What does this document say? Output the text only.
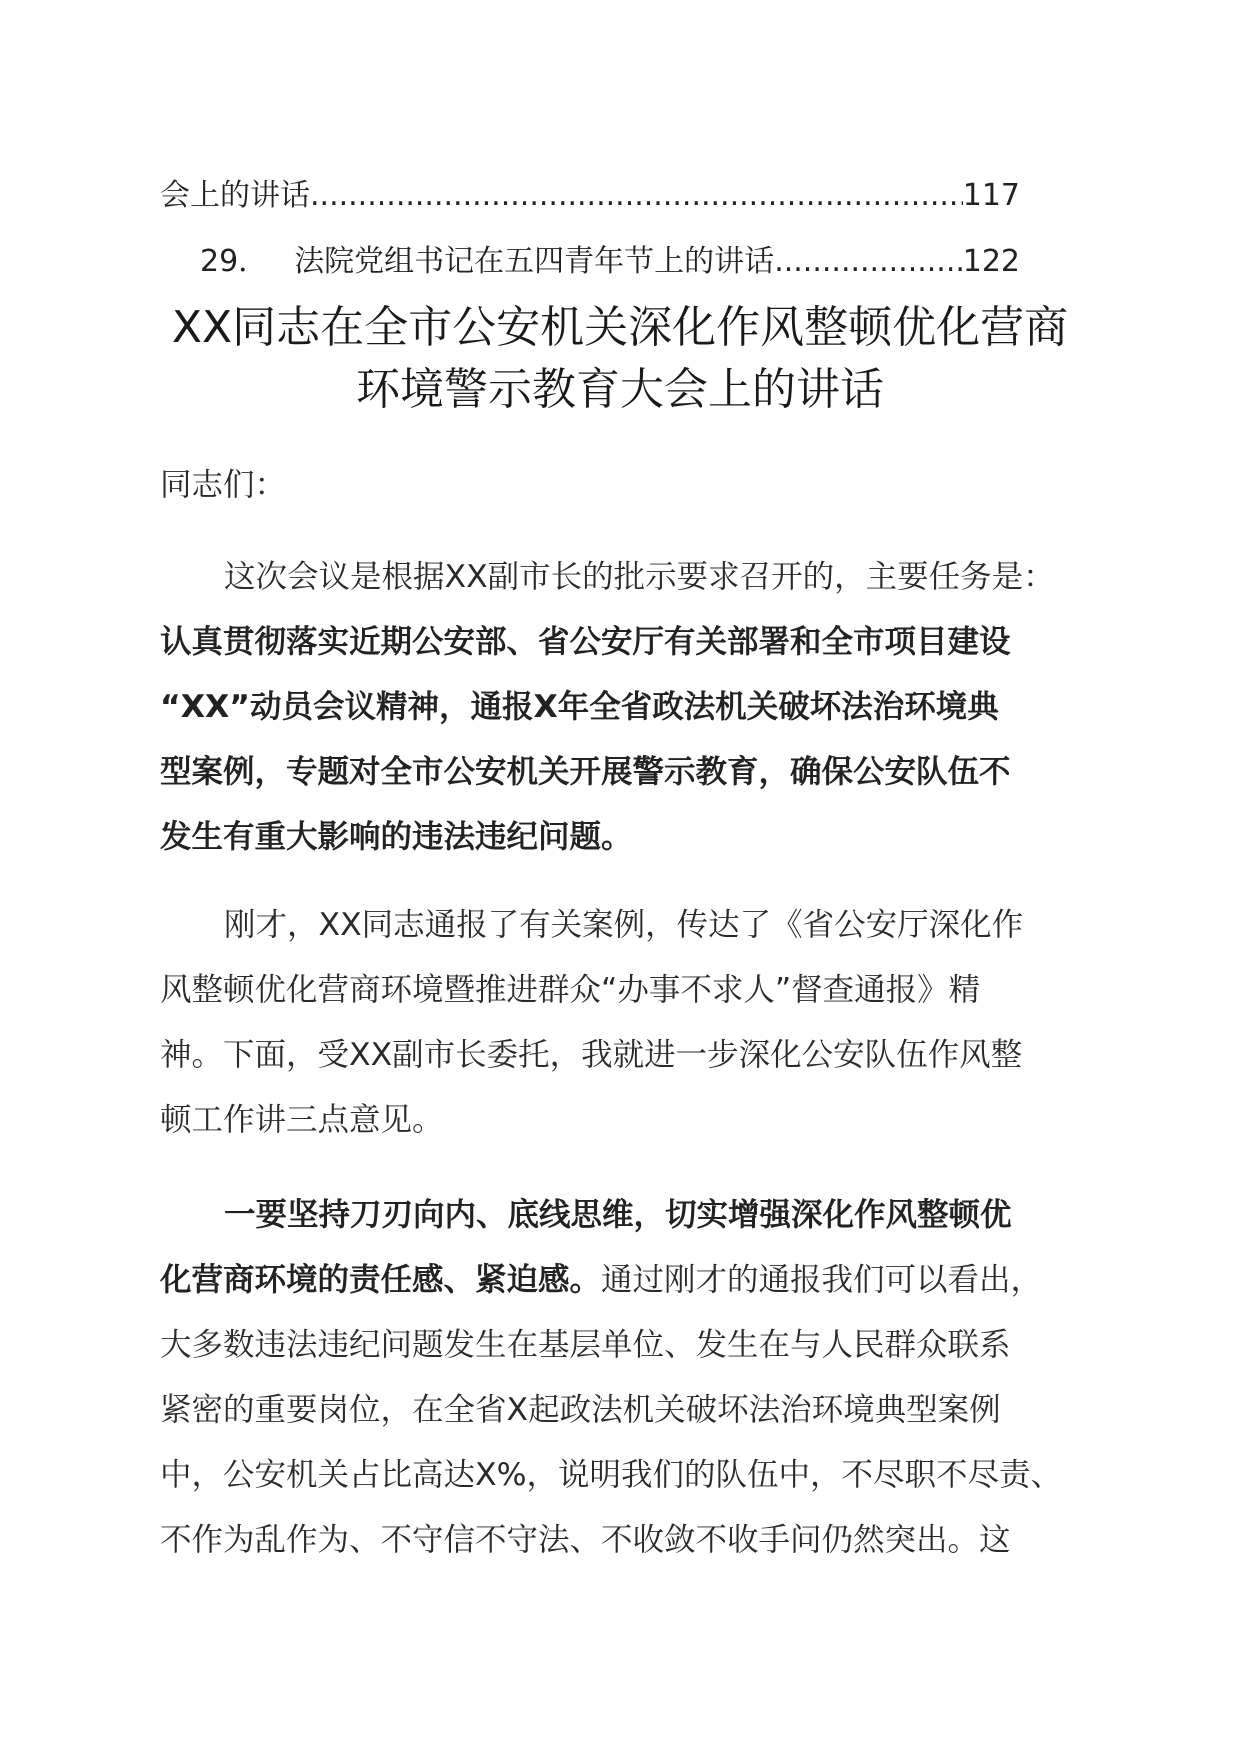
会上的讲话 .....	117
29． 法院党组书记在五四青年节上的讲话 .....	122
XX同志在全市公安机关深化作风整顿优化营商
环境警示教育大会上的讲话
同志们：
这次会议是根据XX副市长的批示要求召开的，主要任务是：
认真贯彻落实近期公安部、省公安厅有关部署和全市项目建设
“XX”动员会议精神，通报X年全省政法机关破坏法治环境典
型案例，专题对全市公安机关开展警示教育，确保公安队伍不
发生有重大影响的违法违纪问题。
刚才，XX同志通报了有关案例，传达了《省公安厅深化作
风整顿优化营商环境暨推进群众“办事不求人”督查通报》精
神。下面，受XX副市长委托，我就进一步深化公安队伍作风整
顿工作讲三点意见。
一要坚持刀刃向内、底线思维，切实增强深化作风整顿优
化营商环境的责任感、紧迫感。通过刚才的通报我们可以看出，
大多数违法违纪问题发生在基层单位、发生在与人民群众联系
紧密的重要岗位，在全省X起政法机关破坏法治环境典型案例
中，公安机关占比高达X%，说明我们的队伍中，不尽职不尽责、
不作为乱作为、不守信不守法、不收敛不收手问仍然突出。这
